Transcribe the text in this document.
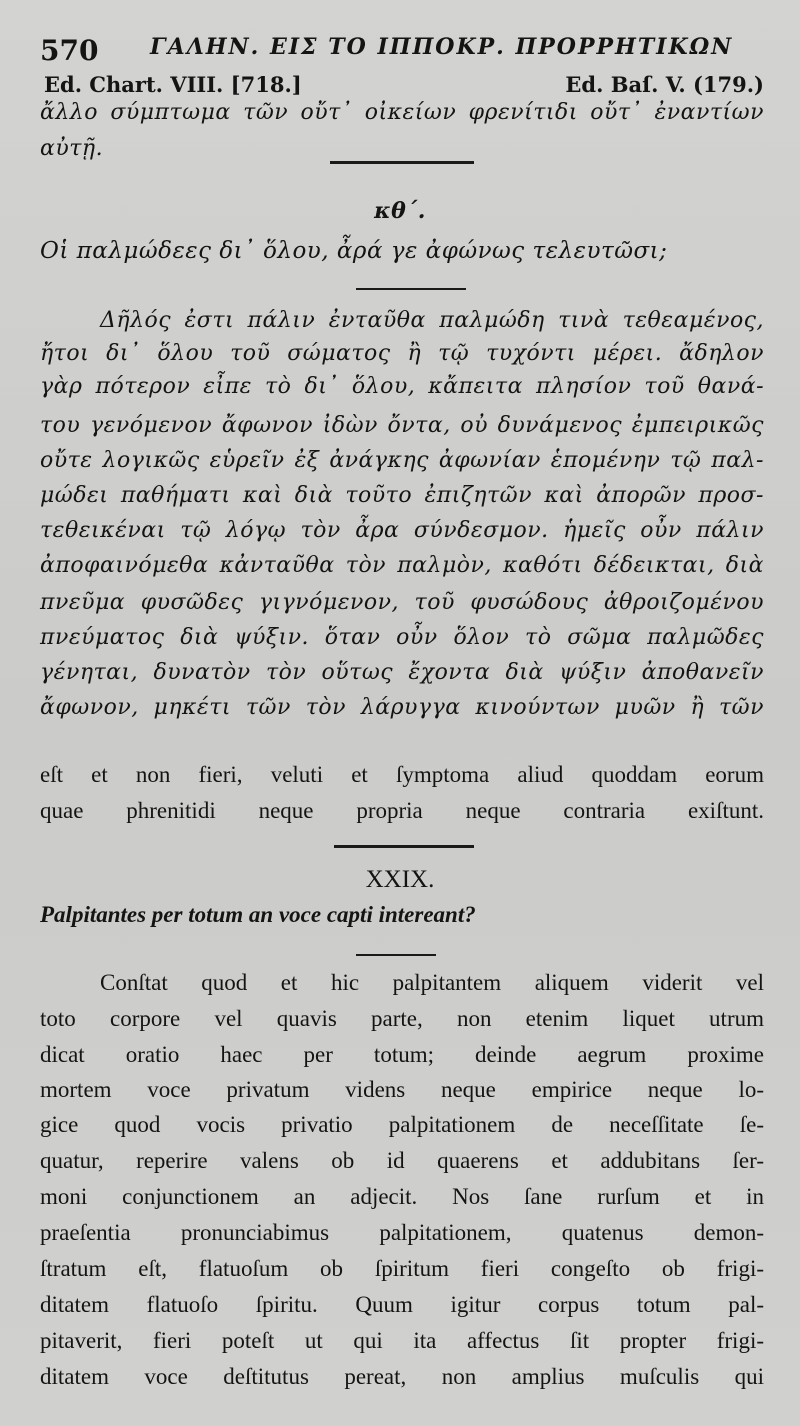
570 ΓΑΛΗΝ. ΕΙΣ ΤΟ ΙΠΠΟΚΡ. ΠΡΟΡΡΗΤΙΚΩΝ
Ed. Chart. VIII. [718.]	Ed. Baſ. V. (179.)
ἄλλο σύμπτωμα τῶν οὔτ᾽ οἰκείων φρενίτιδι οὔτ᾽ ἐναντίων
αὐτῇ.
κθ΄.
Οἱ παλμώδεες δι᾽ ὅλου, ἆρά γε ἀφώνως τελευτῶσι;
Δῆλός ἐστι πάλιν ἐνταῦθα παλμώδη τινὰ τεθεαμένος,
ἤτοι δι᾽ ὅλου τοῦ σώματος ἢ τῷ τυχόντι μέρει. ἄδηλον
γὰρ πότερον εἶπε τὸ δι᾽ ὅλου, κἄπειτα πλησίον τοῦ θανά-
του γενόμενον ἄφωνον ἰδὼν ὄντα, οὐ δυνάμενος ἐμπειρικῶς
οὔτε λογικῶς εὑρεῖν ἐξ ἀνάγκης ἀφωνίαν ἑπομένην τῷ παλ-
μώδει παθήματι καὶ διὰ τοῦτο ἐπιζητῶν καὶ ἀπορῶν προσ-
τεθεικέναι τῷ λόγῳ τὸν ἆρα σύνδεσμον. ἡμεῖς οὖν πάλιν
ἀποφαινόμεθα κἀνταῦθα τὸν παλμὸν, καθότι δέδεικται, διὰ
πνεῦμα φυσῶδες γιγνόμενον, τοῦ φυσώδους ἀθροιζομένου
πνεύματος διὰ ψύξιν. ὅταν οὖν ὅλον τὸ σῶμα παλμῶδες
γένηται, δυνατὸν τὸν οὕτως ἔχοντα διὰ ψύξιν ἀποθανεῖν
ἄφωνον, μηκέτι τῶν τὸν λάρυγγα κινούντων μυῶν ἢ τῶν
eſt et non fieri, veluti et ſymptoma aliud quoddam eorum
quae phrenitidi neque propria neque contraria exiſtunt.
XXIX.
Palpitantes per totum an voce capti intereant?
Conſtat quod et hic palpitantem aliquem viderit vel
toto corpore vel quavis parte, non etenim liquet utrum
dicat oratio haec per totum; deinde aegrum proxime
mortem voce privatum videns neque empirice neque lo-
gice quod vocis privatio palpitationem de neceſſitate ſe-
quatur, reperire valens ob id quaerens et addubitans ſer-
moni conjunctionem an adjecit. Nos ſane rurſum et in
praeſentia pronunciabimus palpitationem, quatenus demon-
ſtratum eſt, flatuoſum ob ſpiritum fieri congeſto ob frigi-
ditatem flatuoſo ſpiritu. Quum igitur corpus totum pal-
pitaverit, fieri poteſt ut qui ita affectus ſit propter frigi-
ditatem voce deſtitutus pereat, non amplius muſculis qui
